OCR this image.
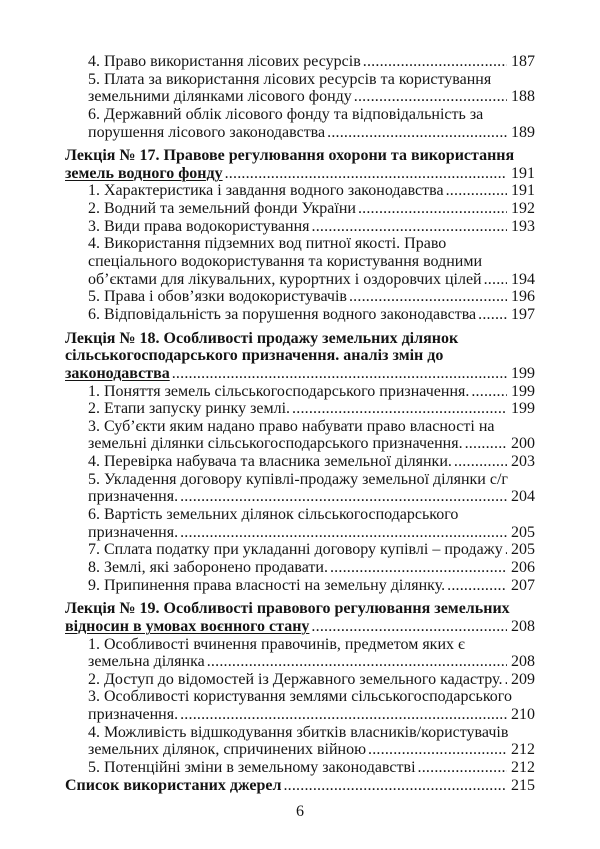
4. Право використання лісових ресурсів .....	187
5. Плата за використання лісових ресурсів та користування
земельними ділянками лісового фонду .....	188
6. Державний облік лісового фонду та відповідальність за
порушення лісового законодавства .....	189
Лекція № 17. Правове регулювання охорони та використання
земель водного фонду .....	191
1. Характеристика і завдання водного законодавства .....	191
2. Водний та земельний фонди України .....	192
3. Види права водокористування .....	193
4. Використання підземних вод питної якості. Право
спеціального водокористування та користування водними
об’єктами для лікувальних, курортних і оздоровчих цілей ..... 194
5. Права і обов’язки водокористувачів .....	196
6. Відповідальність за порушення водного законодавства ..... 197
Лекція № 18. Особливості продажу земельних ділянок
сільськогосподарського призначення. аналіз змін до
законодавства .....	199
1. Поняття земель сільськогосподарського призначення. .....	199
2. Етапи запуску ринку землі. .....	199
3. Суб’єкти яким надано право набувати право власності на
земельні ділянки сільськогосподарського призначення. .....	200
4. Перевірка набувача та власника земельної ділянки. .....	203
5. Укладення договору купівлі-продажу земельної ділянки с/г
призначення. .....	204
6. Вартість земельних ділянок сільськогосподарського
призначення. .....	205
7. Сплата податку при укладанні договору купівлі – продажу ..... 205
8. Землі, які заборонено продавати. .....	206
9. Припинення права власності на земельну ділянку. .....	207
Лекція № 19. Особливості правового регулювання земельних
відносин в умовах воєнного стану .....	208
1. Особливості вчинення правочинів, предметом яких є
земельна ділянка .....	208
2. Доступ до відомостей із Державного земельного кадастру. ..... 209
3. Особливості користування землями сільськогосподарського
призначення. .....	210
4. Можливість відшкодування збитків власників/користувачів
земельних ділянок, спричинених війною .....	212
5. Потенційні зміни в земельному законодавстві .....	212
Список використаних джерел .....	215
6
